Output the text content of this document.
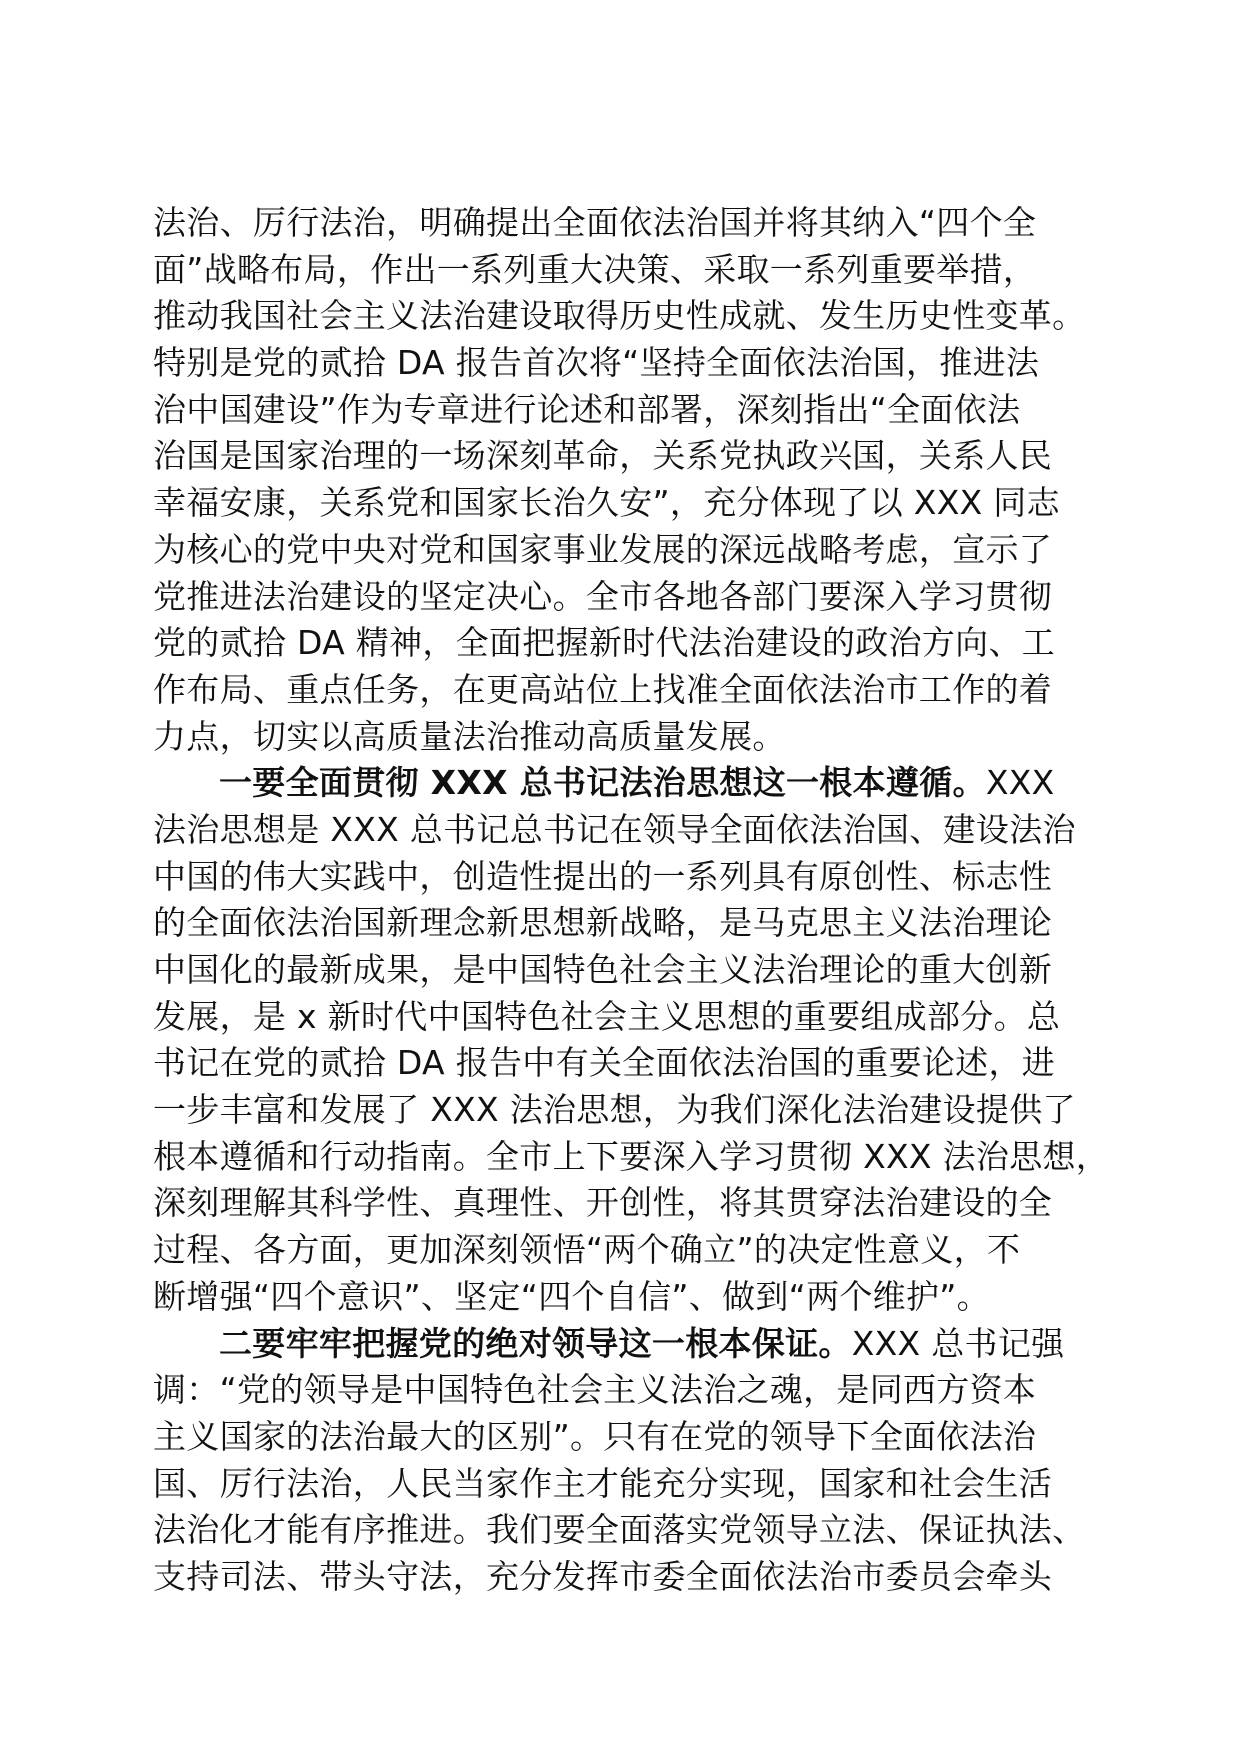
法治、厉行法治，明确提出全面依法治国并将其纳入“四个全
面”战略布局，作出一系列重大决策、采取一系列重要举措，
推动我国社会主义法治建设取得历史性成就、发生历史性变革。
特别是党的贰拾 DA 报告首次将“坚持全面依法治国，推进法
治中国建设”作为专章进行论述和部署，深刻指出“全面依法
治国是国家治理的一场深刻革命，关系党执政兴国，关系人民
幸福安康，关系党和国家长治久安”，充分体现了以 XXX 同志
为核心的党中央对党和国家事业发展的深远战略考虑，宣示了
党推进法治建设的坚定决心。全市各地各部门要深入学习贯彻
党的贰拾 DA 精神，全面把握新时代法治建设的政治方向、工
作布局、重点任务，在更高站位上找准全面依法治市工作的着
力点，切实以高质量法治推动高质量发展。
一要全面贯彻 XXX 总书记法治思想这一根本遵循。XXX
法治思想是 XXX 总书记总书记在领导全面依法治国、建设法治
中国的伟大实践中，创造性提出的一系列具有原创性、标志性
的全面依法治国新理念新思想新战略，是马克思主义法治理论
中国化的最新成果，是中国特色社会主义法治理论的重大创新
发展，是 x 新时代中国特色社会主义思想的重要组成部分。总
书记在党的贰拾 DA 报告中有关全面依法治国的重要论述，进
一步丰富和发展了 XXX 法治思想，为我们深化法治建设提供了
根本遵循和行动指南。全市上下要深入学习贯彻 XXX 法治思想，
深刻理解其科学性、真理性、开创性，将其贯穿法治建设的全
过程、各方面，更加深刻领悟“两个确立”的决定性意义，不
断增强“四个意识”、坚定“四个自信”、做到“两个维护”。
二要牢牢把握党的绝对领导这一根本保证。XXX 总书记强
调：“党的领导是中国特色社会主义法治之魂，是同西方资本
主义国家的法治最大的区别”。只有在党的领导下全面依法治
国、厉行法治，人民当家作主才能充分实现，国家和社会生活
法治化才能有序推进。我们要全面落实党领导立法、保证执法、
支持司法、带头守法，充分发挥市委全面依法治市委员会牵头
